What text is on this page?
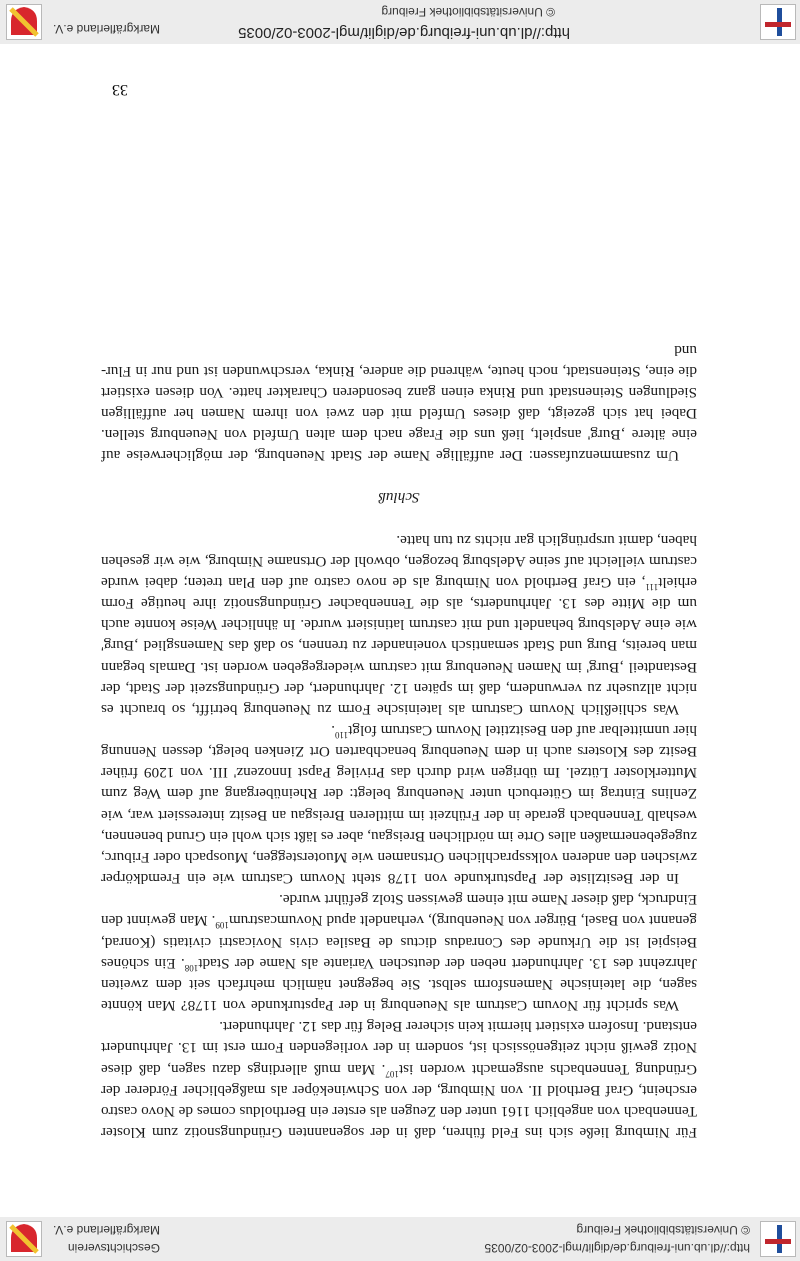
http://dl.ub.uni-freiburg.de/diglit/mgl-2003-02/0035
© Universitätsbibliothek Freiburg
Geschichtsverein
Markgräflerland e.V.
http://dl.ub.uni-freiburg.de/diglit/mgl-2003-02/0035
© Universitätsbibliothek Freiburg
Markgräflerland e.V.

Für Nimburg ließe sich ins Feld führen, daß in der sogenannten Gründungsnotiz zum Kloster Tennenbach von angeblich 1161 unter den Zeugen als erster ein Bertholdus comes de Novo castro erscheint, Graf Berthold II. von Nimburg, der von Schwineköper als maßgeblicher Förderer der Gründung Tennenbachs ausgemacht worden ist$^{107}$. Man muß allerdings dazu sagen, daß diese Notiz gewiß nicht zeitgenössisch ist, sondern in der vorliegenden Form erst im 13. Jahrhundert entstand. Insofern existiert hiermit kein sicherer Beleg für das 12. Jahrhundert.

Was spricht für Novum Castrum als Neuenburg in der Papsturkunde von 1178? Man könnte sagen, die lateinische Namensform selbst. Sie begegnet nämlich mehrfach seit dem zweiten Jahrzehnt des 13. Jahrhundert neben der deutschen Variante als Name der Stadt$^{108}$. Ein schönes Beispiel ist die Urkunde des Conradus dictus de Basilea civis Novicastri civitatis (Konrad, genannt von Basel, Bürger von Neuenburg), verhandelt apud Novumcastrum$^{109}$. Man gewinnt den Eindruck, daß dieser Name mit einem gewissen Stolz geführt wurde.

In der Besitzliste der Papsturkunde von 1178 steht Novum Castrum wie ein Fremdkörper zwischen den anderen volkssprachlichen Ortsnamen wie Muotersteggen, Muospach oder Friburc, zugegebenermaßen alles Orte im nördlichen Breisgau, aber es läßt sich wohl ein Grund benennen, weshalb Tennenbach gerade in der Frühzeit im mittleren Breisgau an Besitz interessiert war, wie Zenlins Eintrag im Güterbuch unter Neuenburg belegt: der Rheinübergang auf dem Weg zum Mutterkloster Lützel. Im übrigen wird durch das Privileg Papst Innozenz' III. von 1209 früher Besitz des Klosters auch in dem Neuenburg benachbarten Ort Zienken belegt, dessen Nennung hier unmittelbar auf den Besitztitel Novum Castrum folgt$^{110}$.

Was schließlich Novum Castrum als lateinische Form zu Neuenburg betrifft, so braucht es nicht allzusehr zu verwundern, daß im späten 12. Jahrhundert, der Gründungszeit der Stadt, der Bestandteil ‚Burg' im Namen Neuenburg mit castrum wiedergegeben worden ist. Damals begann man bereits, Burg und Stadt semantisch voneinander zu trennen, so daß das Namensglied ‚Burg' wie eine Adelsburg behandelt und mit castrum latinisiert wurde. In ähnlicher Weise konnte auch um die Mitte des 13. Jahrhunderts, als die Tennenbacher Gründungsnotiz ihre heutige Form erhielt$^{111}$, ein Graf Berthold von Nimburg als de novo castro auf den Plan treten; dabei wurde castrum vielleicht auf seine Adelsburg bezogen, obwohl der Ortsname Nimburg, wie wir gesehen haben, damit ursprünglich gar nichts zu tun hatte.

Schluß

Um zusammenzufassen: Der auffällige Name der Stadt Neuenburg, der möglicherweise auf eine ältere ‚Burg' anspielt, ließ uns die Frage nach dem alten Umfeld von Neuenburg stellen. Dabei hat sich gezeigt, daß dieses Umfeld mit den zwei von ihrem Namen her auffälligen Siedlungen Steinenstadt und Rinka einen ganz besonderen Charakter hatte. Von diesen existiert die eine, Steinenstadt, noch heute, während die andere, Rinka, verschwunden ist und nur in Flur- und

33
